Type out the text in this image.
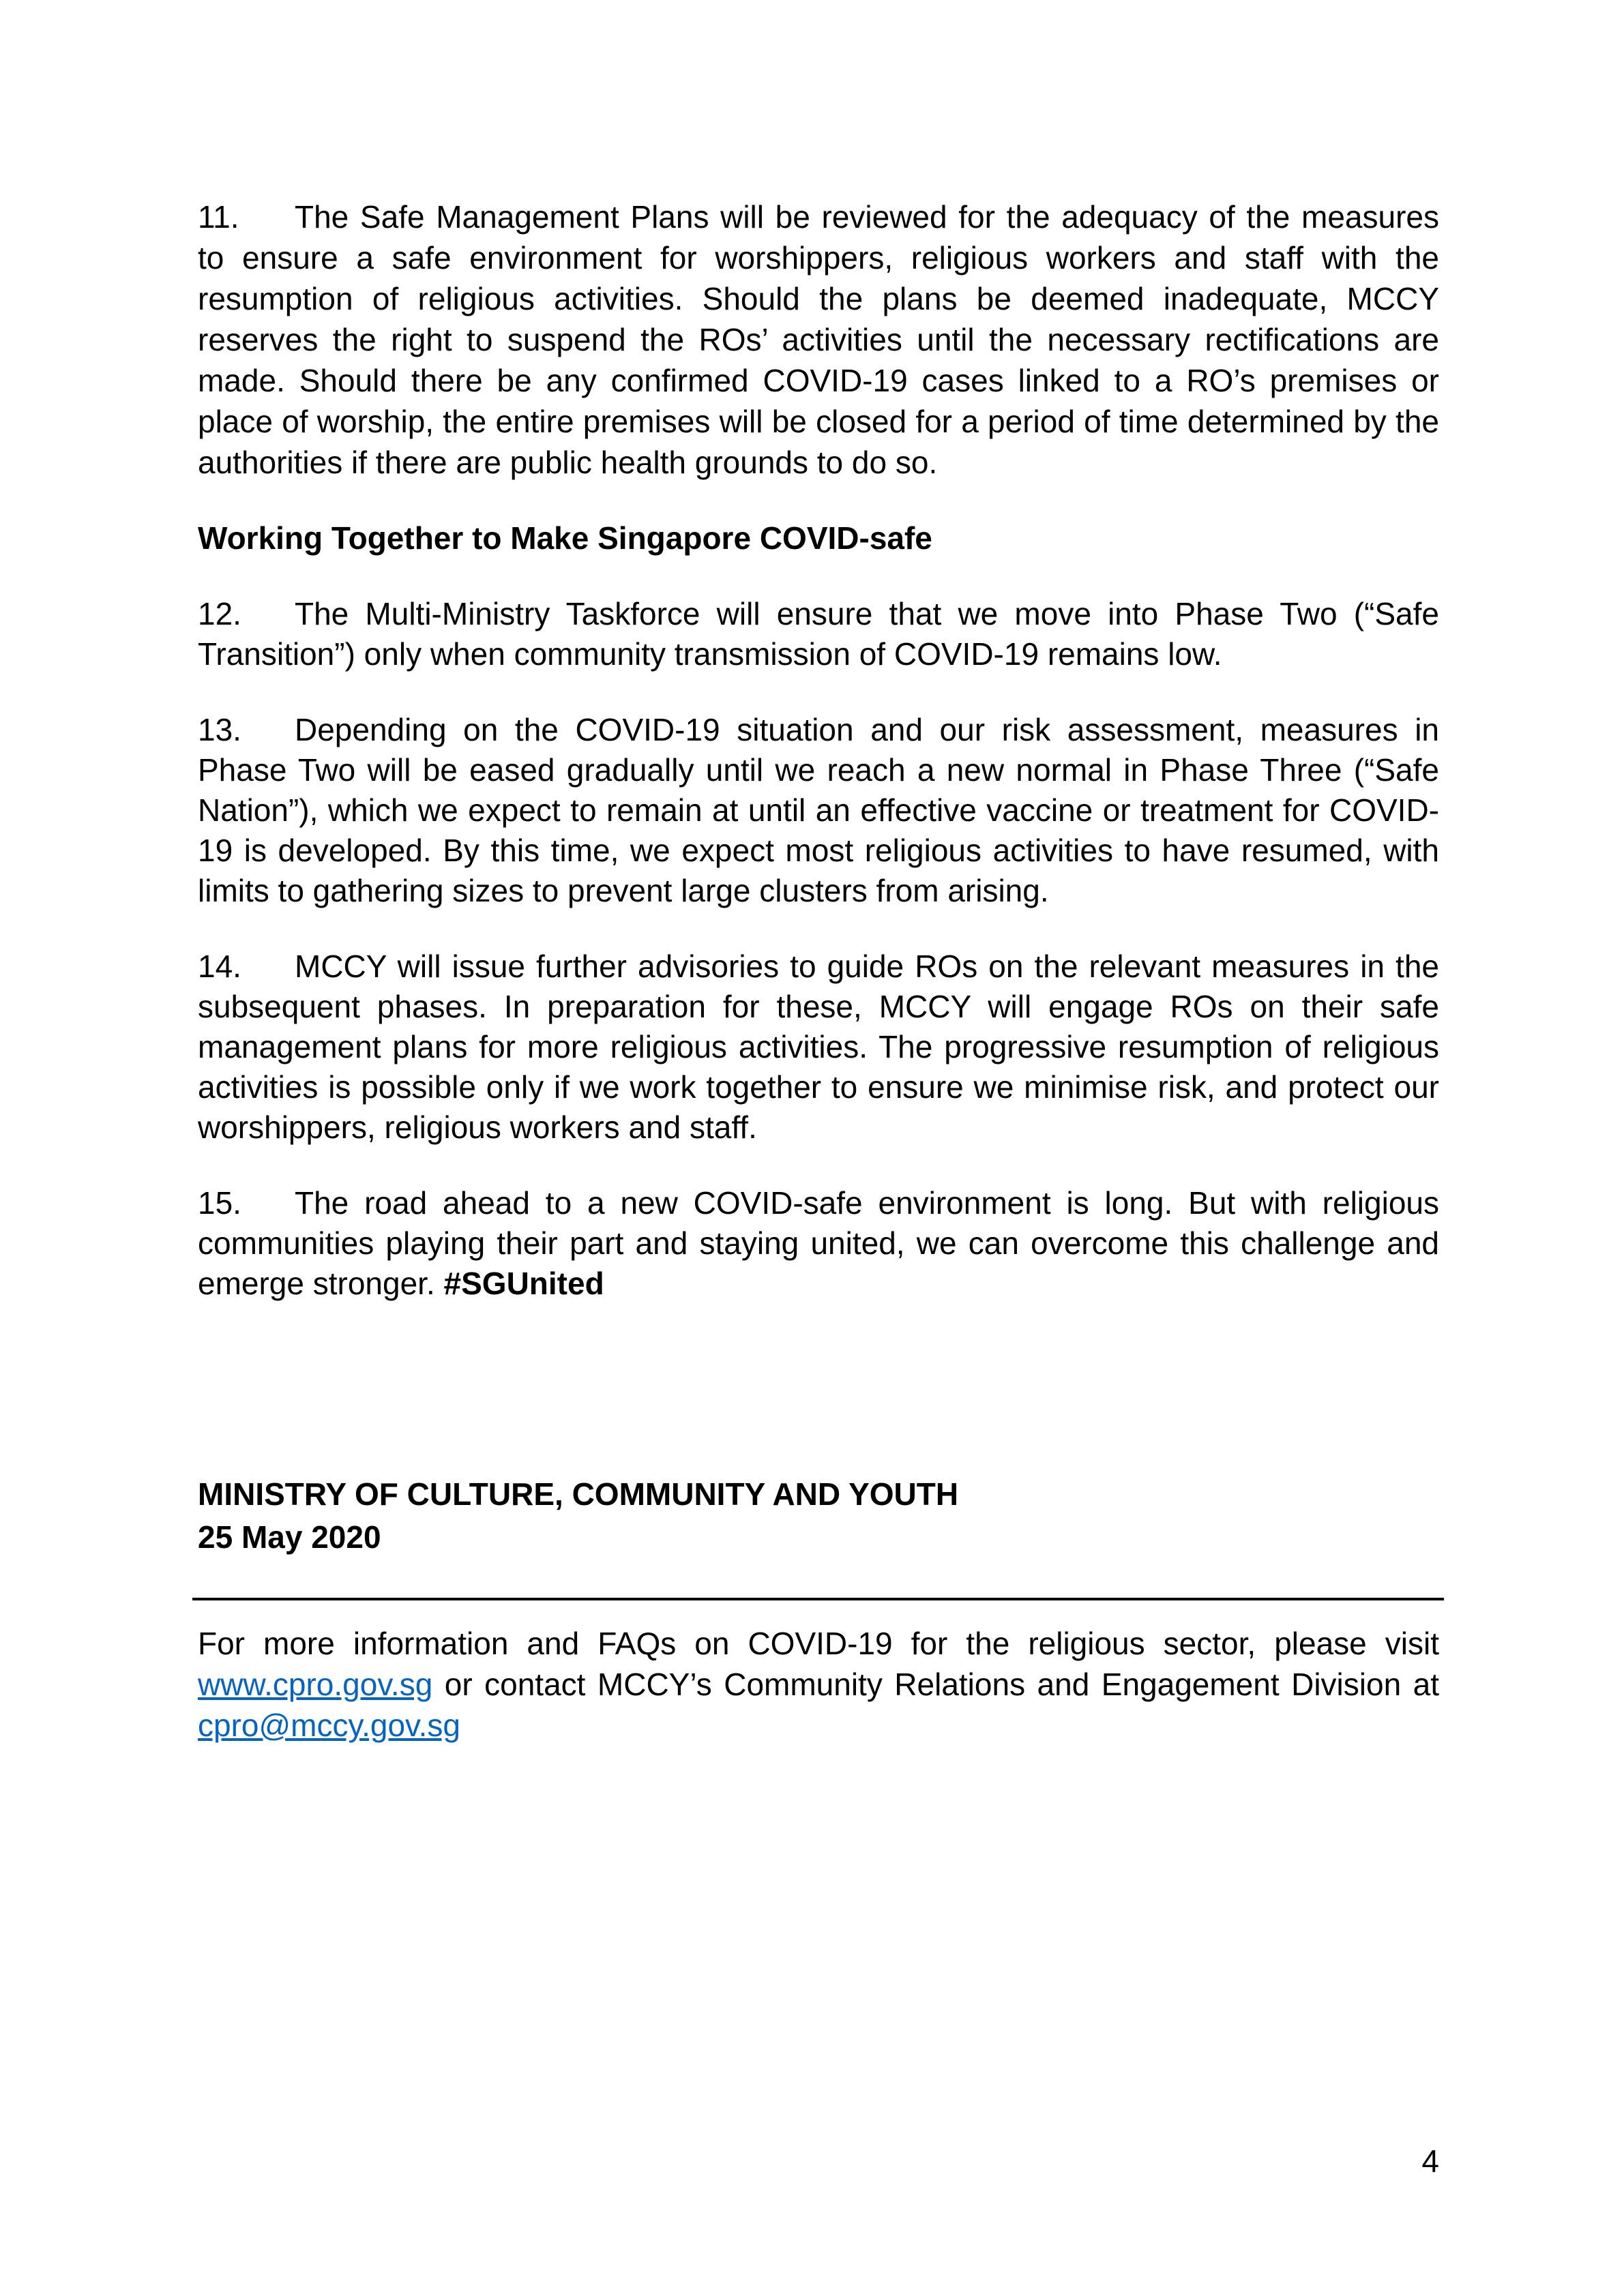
11. The Safe Management Plans will be reviewed for the adequacy of the measures to ensure a safe environment for worshippers, religious workers and staff with the resumption of religious activities. Should the plans be deemed inadequate, MCCY reserves the right to suspend the ROs’ activities until the necessary rectifications are made. Should there be any confirmed COVID-19 cases linked to a RO’s premises or place of worship, the entire premises will be closed for a period of time determined by the authorities if there are public health grounds to do so.

Working Together to Make Singapore COVID-safe

12. The Multi-Ministry Taskforce will ensure that we move into Phase Two (“Safe Transition”) only when community transmission of COVID-19 remains low.

13. Depending on the COVID-19 situation and our risk assessment, measures in Phase Two will be eased gradually until we reach a new normal in Phase Three (“Safe Nation”), which we expect to remain at until an effective vaccine or treatment for COVID-19 is developed. By this time, we expect most religious activities to have resumed, with limits to gathering sizes to prevent large clusters from arising.

14. MCCY will issue further advisories to guide ROs on the relevant measures in the subsequent phases. In preparation for these, MCCY will engage ROs on their safe management plans for more religious activities. The progressive resumption of religious activities is possible only if we work together to ensure we minimise risk, and protect our worshippers, religious workers and staff.

15. The road ahead to a new COVID-safe environment is long. But with religious communities playing their part and staying united, we can overcome this challenge and emerge stronger. #SGUnited

MINISTRY OF CULTURE, COMMUNITY AND YOUTH
25 May 2020

For more information and FAQs on COVID-19 for the religious sector, please visit www.cpro.gov.sg or contact MCCY’s Community Relations and Engagement Division at cpro@mccy.gov.sg

4
